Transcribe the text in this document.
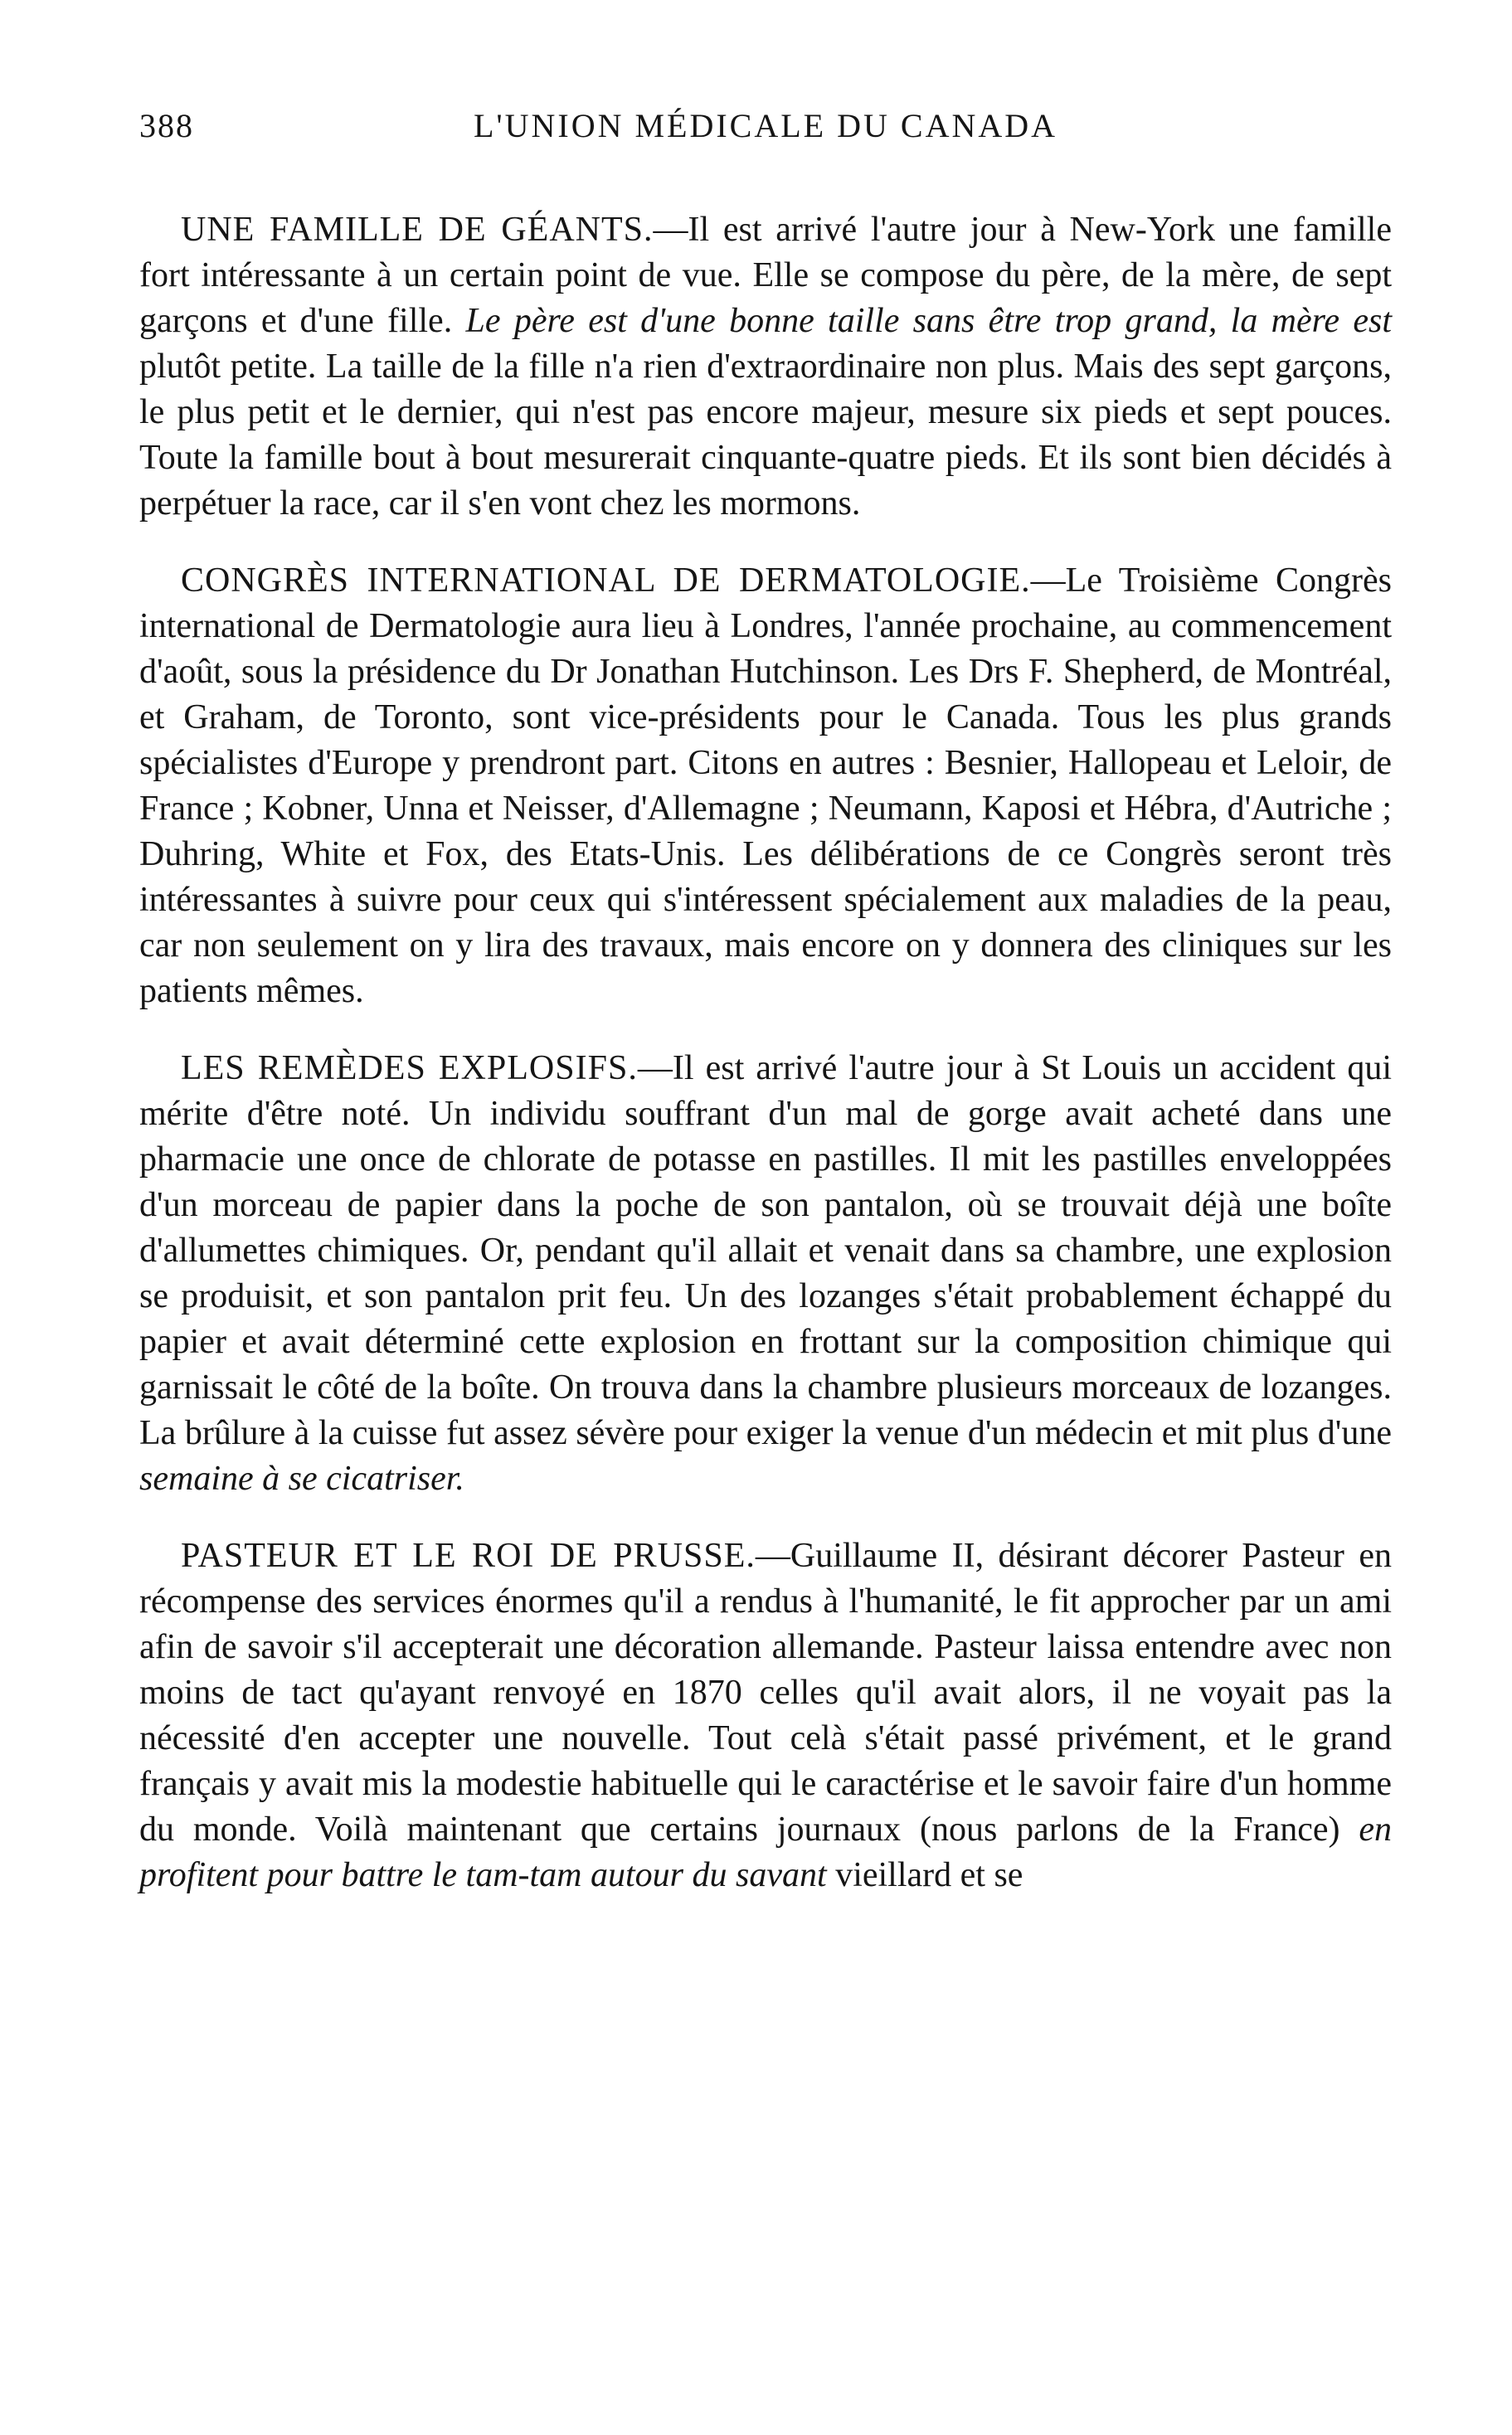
388	L'UNION MÉDICALE DU CANADA

UNE FAMILLE DE GÉANTS.—Il est arrivé l'autre jour à New-York une famille fort intéressante à un certain point de vue. Elle se compose du père, de la mère, de sept garçons et d'une fille. Le père est d'une bonne taille sans être trop grand, la mère est plutôt petite. La taille de la fille n'a rien d'extraordinaire non plus. Mais des sept garçons, le plus petit et le dernier, qui n'est pas encore majeur, mesure six pieds et sept pouces. Toute la famille bout à bout mesurerait cinquante-quatre pieds. Et ils sont bien décidés à perpétuer la race, car il s'en vont chez les mormons.

CONGRÈS INTERNATIONAL DE DERMATOLOGIE.—Le Troisième Congrès international de Dermatologie aura lieu à Londres, l'année prochaine, au commencement d'août, sous la présidence du Dr Jonathan Hutchinson. Les Drs F. Shepherd, de Montréal, et Graham, de Toronto, sont vice-présidents pour le Canada. Tous les plus grands spécialistes d'Europe y prendront part. Citons en autres : Besnier, Hallopeau et Leloir, de France ; Kobner, Unna et Neisser, d'Allemagne ; Neumann, Kaposi et Hébra, d'Autriche ; Duhring, White et Fox, des Etats-Unis. Les délibérations de ce Congrès seront très intéressantes à suivre pour ceux qui s'intéressent spécialement aux maladies de la peau, car non seulement on y lira des travaux, mais encore on y donnera des cliniques sur les patients mêmes.

LES REMÈDES EXPLOSIFS.—Il est arrivé l'autre jour à St Louis un accident qui mérite d'être noté. Un individu souffrant d'un mal de gorge avait acheté dans une pharmacie une once de chlorate de potasse en pastilles. Il mit les pastilles enveloppées d'un morceau de papier dans la poche de son pantalon, où se trouvait déjà une boîte d'allumettes chimiques. Or, pendant qu'il allait et venait dans sa chambre, une explosion se produisit, et son pantalon prit feu. Un des lozanges s'était probablement échappé du papier et avait déterminé cette explosion en frottant sur la composition chimique qui garnissait le côté de la boîte. On trouva dans la chambre plusieurs morceaux de lozanges. La brûlure à la cuisse fut assez sévère pour exiger la venue d'un médecin et mit plus d'une semaine à se cicatriser.

PASTEUR ET LE ROI DE PRUSSE.—Guillaume II, désirant décorer Pasteur en récompense des services énormes qu'il a rendus à l'humanité, le fit approcher par un ami afin de savoir s'il accepterait une décoration allemande. Pasteur laissa entendre avec non moins de tact qu'ayant renvoyé en 1870 celles qu'il avait alors, il ne voyait pas la nécessité d'en accepter une nouvelle. Tout celà s'était passé privément, et le grand français y avait mis la modestie habituelle qui le caractérise et le savoir faire d'un homme du monde. Voilà maintenant que certains journaux (nous parlons de la France) en profitent pour battre le tam-tam autour du savant vieillard et se
